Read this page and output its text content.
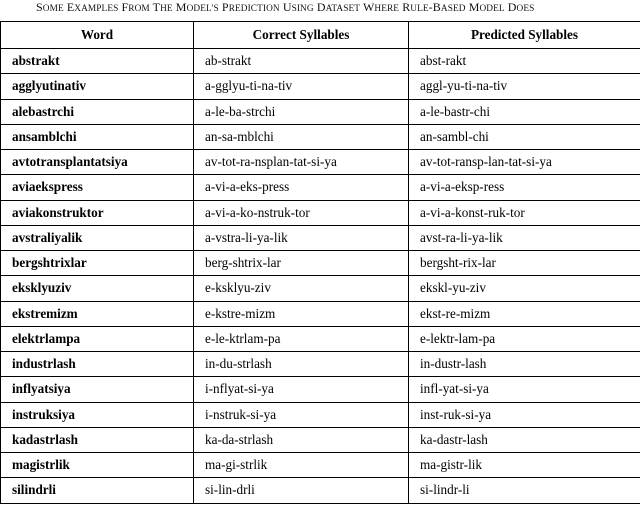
SOME EXAMPLES FROM THE MODEL'S PREDICTION USING DATASET WHERE RULE-BASED MODEL DOES
Word	Correct Syllables	Predicted Syllables
abstrakt	ab-strakt	abst-rakt
agglyutinativ	a-gglyu-ti-na-tiv	aggl-yu-ti-na-tiv
alebastrchi	a-le-ba-strchi	a-le-bastr-chi
ansamblchi	an-sa-mblchi	an-sambl-chi
avtotransplantatsiya	av-tot-ra-nsplan-tat-si-ya	av-tot-ransp-lan-tat-si-ya
aviaekspress	a-vi-a-eks-press	a-vi-a-eksp-ress
aviakonstruktor	a-vi-a-ko-nstruk-tor	a-vi-a-konst-ruk-tor
avstraliyalik	a-vstra-li-ya-lik	avst-ra-li-ya-lik
bergshtrixlar	berg-shtrix-lar	bergsht-rix-lar
eksklyuziv	e-ksklyu-ziv	ekskl-yu-ziv
ekstremizm	e-kstre-mizm	ekst-re-mizm
elektrlampa	e-le-ktrlam-pa	e-lektr-lam-pa
industrlash	in-du-strlash	in-dustr-lash
inflyatsiya	i-nflyat-si-ya	infl-yat-si-ya
instruksiya	i-nstruk-si-ya	inst-ruk-si-ya
kadastrlash	ka-da-strlash	ka-dastr-lash
magistrlik	ma-gi-strlik	ma-gistr-lik
silindrli	si-lin-drli	si-lindr-li
